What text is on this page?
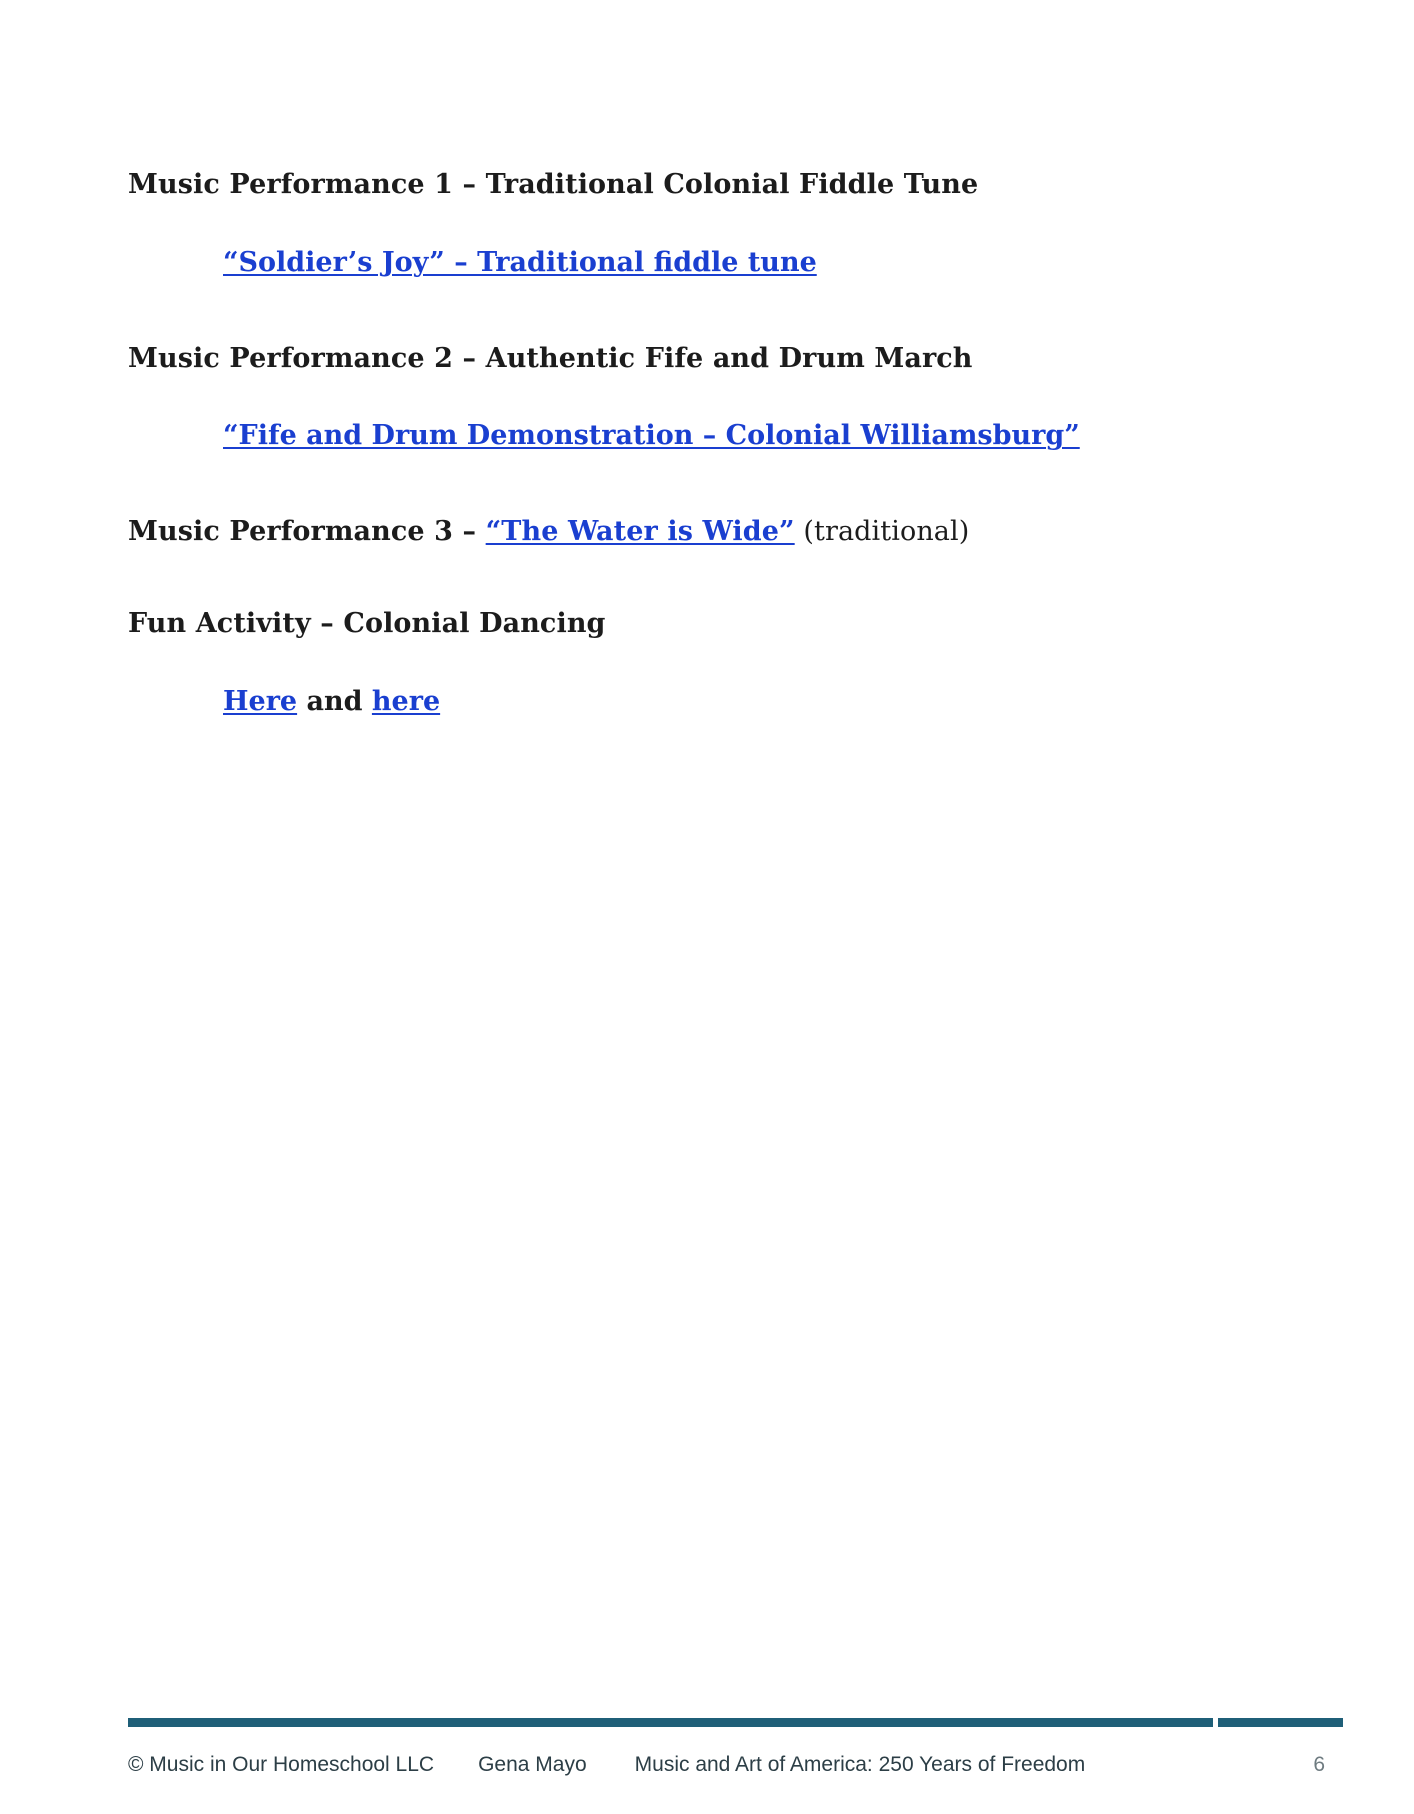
Music Performance 1 – Traditional Colonial Fiddle Tune

“Soldier’s Joy” – Traditional fiddle tune

Music Performance 2 – Authentic Fife and Drum March

“Fife and Drum Demonstration – Colonial Williamsburg”

Music Performance 3 – “The Water is Wide” (traditional)

Fun Activity – Colonial Dancing

Here and here

© Music in Our Homeschool LLC Gena Mayo Music and Art of America: 250 Years of Freedom	6
